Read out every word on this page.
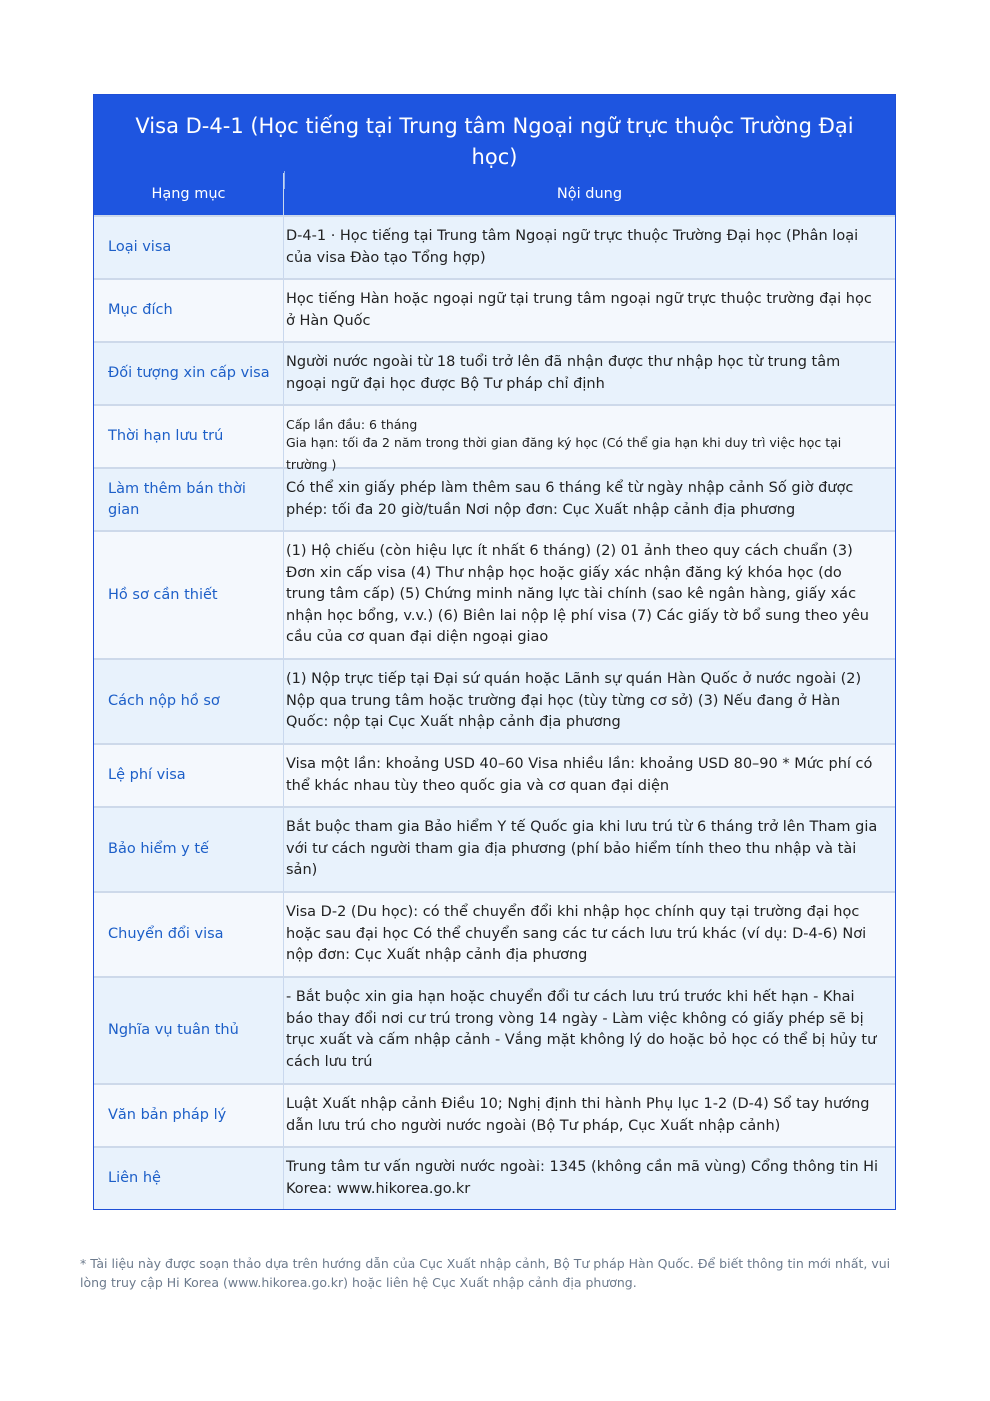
Visa D-4-1 (Học tiếng tại Trung tâm Ngoại ngữ trực thuộc Trường Đại học)
Hạng mục	Nội dung
Loại visa
D-4-1 · Học tiếng tại Trung tâm Ngoại ngữ trực thuộc Trường Đại học (Phân loại của visa Đào tạo Tổng hợp)
Mục đích
Học tiếng Hàn hoặc ngoại ngữ tại trung tâm ngoại ngữ trực thuộc trường đại học ở Hàn Quốc
Đối tượng xin cấp visa
Người nước ngoài từ 18 tuổi trở lên đã nhận được thư nhập học từ trung tâm ngoại ngữ đại học được Bộ Tư pháp chỉ định
Thời hạn lưu trú
Cấp lần đầu: 6 tháng
Gia hạn: tối đa 2 năm trong thời gian đăng ký học (Có thể gia hạn khi duy trì việc học tại trường )
Làm thêm bán thời gian
Có thể xin giấy phép làm thêm sau 6 tháng kể từ ngày nhập cảnh Số giờ được phép: tối đa 20 giờ/tuần Nơi nộp đơn: Cục Xuất nhập cảnh địa phương
Hồ sơ cần thiết
(1) Hộ chiếu (còn hiệu lực ít nhất 6 tháng) (2) 01 ảnh theo quy cách chuẩn (3) Đơn xin cấp visa (4) Thư nhập học hoặc giấy xác nhận đăng ký khóa học (do trung tâm cấp) (5) Chứng minh năng lực tài chính (sao kê ngân hàng, giấy xác nhận học bổng, v.v.) (6) Biên lai nộp lệ phí visa (7) Các giấy tờ bổ sung theo yêu cầu của cơ quan đại diện ngoại giao
Cách nộp hồ sơ
(1) Nộp trực tiếp tại Đại sứ quán hoặc Lãnh sự quán Hàn Quốc ở nước ngoài (2) Nộp qua trung tâm hoặc trường đại học (tùy từng cơ sở) (3) Nếu đang ở Hàn Quốc: nộp tại Cục Xuất nhập cảnh địa phương
Lệ phí visa
Visa một lần: khoảng USD 40–60 Visa nhiều lần: khoảng USD 80–90 * Mức phí có thể khác nhau tùy theo quốc gia và cơ quan đại diện
Bảo hiểm y tế
Bắt buộc tham gia Bảo hiểm Y tế Quốc gia khi lưu trú từ 6 tháng trở lên Tham gia với tư cách người tham gia địa phương (phí bảo hiểm tính theo thu nhập và tài sản)
Chuyển đổi visa
Visa D-2 (Du học): có thể chuyển đổi khi nhập học chính quy tại trường đại học hoặc sau đại học Có thể chuyển sang các tư cách lưu trú khác (ví dụ: D-4-6) Nơi nộp đơn: Cục Xuất nhập cảnh địa phương
Nghĩa vụ tuân thủ
- Bắt buộc xin gia hạn hoặc chuyển đổi tư cách lưu trú trước khi hết hạn - Khai báo thay đổi nơi cư trú trong vòng 14 ngày - Làm việc không có giấy phép sẽ bị trục xuất và cấm nhập cảnh - Vắng mặt không lý do hoặc bỏ học có thể bị hủy tư cách lưu trú
Văn bản pháp lý
Luật Xuất nhập cảnh Điều 10; Nghị định thi hành Phụ lục 1-2 (D-4) Sổ tay hướng dẫn lưu trú cho người nước ngoài (Bộ Tư pháp, Cục Xuất nhập cảnh)
Liên hệ
Trung tâm tư vấn người nước ngoài: 1345 (không cần mã vùng) Cổng thông tin Hi Korea: www.hikorea.go.kr
* Tài liệu này được soạn thảo dựa trên hướng dẫn của Cục Xuất nhập cảnh, Bộ Tư pháp Hàn Quốc. Để biết thông tin mới nhất, vui lòng truy cập Hi Korea (www.hikorea.go.kr) hoặc liên hệ Cục Xuất nhập cảnh địa phương.
